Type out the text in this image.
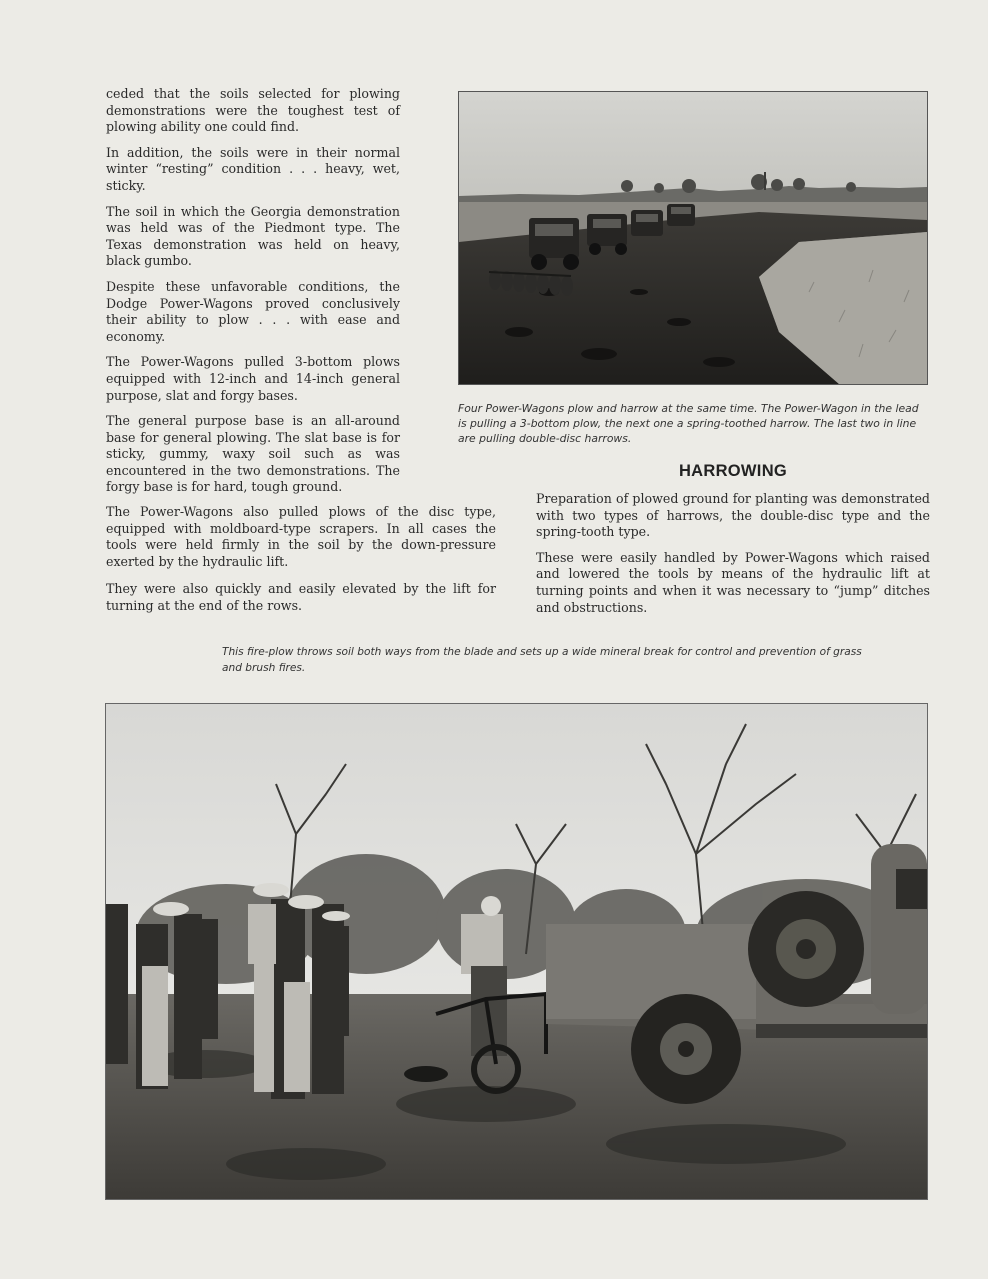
ceded that the soils selected for plowing demonstrations were the toughest test of plowing ability one could find.

In addition, the soils were in their normal winter “resting” condition . . . heavy, wet, sticky.

The soil in which the Georgia demonstration was held was of the Piedmont type. The Texas demonstration was held on heavy, black gumbo.

Despite these unfavorable conditions, the Dodge Power-Wagons proved conclusively their ability to plow . . . with ease and economy.

The Power-Wagons pulled 3-bottom plows equipped with 12-inch and 14-inch general purpose, slat and forgy bases.

The general purpose base is an all-around base for general plowing. The slat base is for sticky, gummy, waxy soil such as was encountered in the two demonstrations. The forgy base is for hard, tough ground.

The Power-Wagons also pulled plows of the disc type, equipped with moldboard-type scrapers. In all cases the tools were held firmly in the soil by the down-pressure exerted by the hydraulic lift.

They were also quickly and easily elevated by the lift for turning at the end of the rows.

Four Power-Wagons plow and harrow at the same time. The Power-Wagon in the lead is pulling a 3-bottom plow, the next one a spring-toothed harrow. The last two in line are pulling double-disc harrows.
HARROWING

Preparation of plowed ground for planting was demonstrated with two types of harrows, the double-disc type and the spring-tooth type.

These were easily handled by Power-Wagons which raised and lowered the tools by means of the hydraulic lift at turning points and when it was necessary to “jump” ditches and obstructions.

This fire-plow throws soil both ways from the blade and sets up a wide mineral break for control and prevention of grass and brush fires.
